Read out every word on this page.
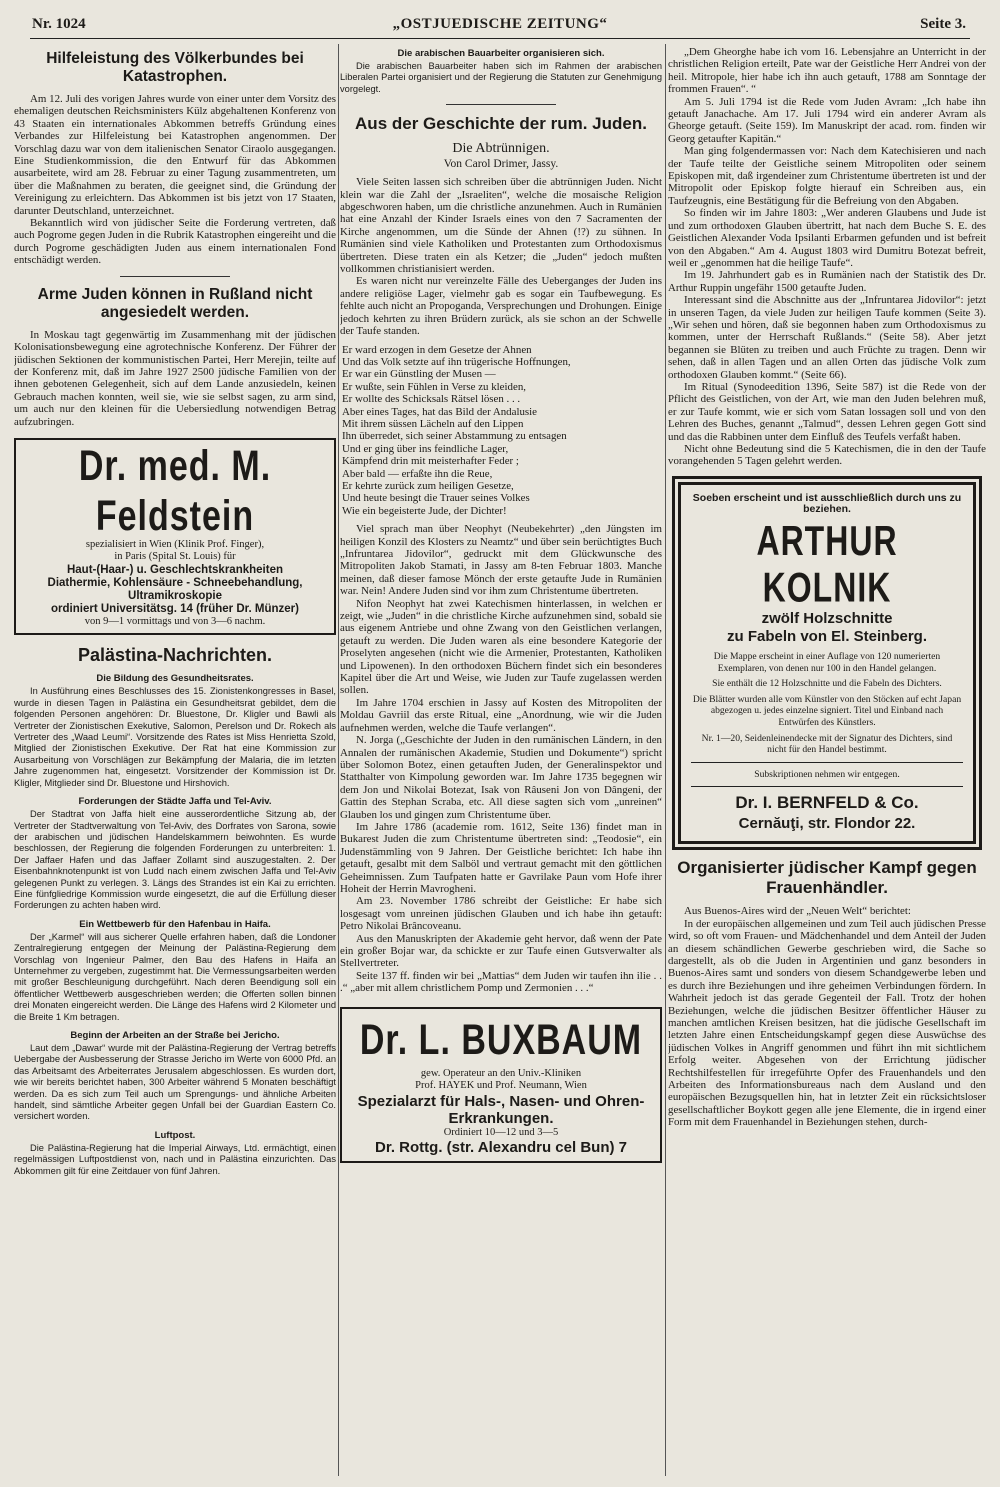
Nr. 1024	„OSTJUEDISCHE ZEITUNG“	Seite 3.
Hilfeleistung des Völkerbundes bei Katastrophen.

Am 12. Juli des vorigen Jahres wurde von einer unter dem Vorsitz des ehemaligen deutschen Reichsministers Külz abgehaltenen Konferenz von 43 Staaten ein internationales Abkommen betreffs Gründung eines Verbandes zur Hilfeleistung bei Katastrophen angenommen. Der Vorschlag dazu war von dem italienischen Senator Ciraolo ausgegangen. Eine Studienkommission, die den Entwurf für das Abkommen ausarbeitete, wird am 28. Februar zu einer Tagung zusammentreten, um über die Maßnahmen zu beraten, die geeignet sind, die Gründung der Vereinigung zu erleichtern. Das Abkommen ist bis jetzt von 17 Staaten, darunter Deutschland, unterzeichnet.

Bekanntlich wird von jüdischer Seite die Forderung vertreten, daß auch Pogrome gegen Juden in die Rubrik Katastrophen eingereiht und die durch Pogrome geschädigten Juden aus einem internationalen Fond entschädigt werden.

Arme Juden können in Rußland nicht angesiedelt werden.

In Moskau tagt gegenwärtig im Zusammenhang mit der jüdischen Kolonisationsbewegung eine agrotechnische Konferenz. Der Führer der jüdischen Sektionen der kommunistischen Partei, Herr Merejin, teilte auf der Konferenz mit, daß im Jahre 1927 2500 jüdische Familien von der ihnen gebotenen Gelegenheit, sich auf dem Lande anzusiedeln, keinen Gebrauch machen konnten, weil sie, wie sie selbst sagen, zu arm sind, um auch nur den kleinen für die Uebersiedlung notwendigen Betrag aufzubringen.

Dr. med. M. Feldstein

spezialisiert in Wien (Klinik Prof. Finger),

in Paris (Spital St. Louis) für

Haut-(Haar-) u. Geschlechtskrankheiten

Diathermie, Kohlensäure - Schneebehandlung, Ultramikroskopie

ordiniert Universitätsg. 14 (früher Dr. Münzer)

von 9—1 vormittags und von 3—6 nachm.

Palästina-Nachrichten.
Die Bildung des Gesundheitsrates.

In Ausführung eines Beschlusses des 15. Zionistenkongresses in Basel, wurde in diesen Tagen in Palästina ein Gesundheitsrat gebildet, dem die folgenden Personen angehören: Dr. Bluestone, Dr. Kligler und Bawli als Vertreter der Zionistischen Exekutive, Salomon, Perelson und Dr. Rokech als Vertreter des „Waad Leumi“. Vorsitzende des Rates ist Miss Henrietta Szold, Mitglied der Zionistischen Exekutive. Der Rat hat eine Kommission zur Ausarbeitung von Vorschlägen zur Bekämpfung der Malaria, die im letzten Jahre zugenommen hat, eingesetzt. Vorsitzender der Kommission ist Dr. Kligler, Mitglieder sind Dr. Bluestone und Hirshovich.

Forderungen der Städte Jaffa und Tel-Aviv.

Der Stadtrat von Jaffa hielt eine ausserordentliche Sitzung ab, der Vertreter der Stadtverwaltung von Tel-Aviv, des Dorfrates von Sarona, sowie der arabischen und jüdischen Handelskammern beiwohnten. Es wurde beschlossen, der Regierung die folgenden Forderungen zu unterbreiten: 1. Der Jaffaer Hafen und das Jaffaer Zollamt sind auszugestalten. 2. Der Eisenbahnknotenpunkt ist von Ludd nach einem zwischen Jaffa und Tel-Aviv gelegenen Punkt zu verlegen. 3. Längs des Strandes ist ein Kai zu errichten. Eine fünfgliedrige Kommission wurde eingesetzt, die auf die Erfüllung dieser Forderungen zu achten haben wird.

Ein Wettbewerb für den Hafenbau in Haifa.

Der „Karmel“ will aus sicherer Quelle erfahren haben, daß die Londoner Zentralregierung entgegen der Meinung der Palästina-Regierung dem Vorschlag von Ingenieur Palmer, den Bau des Hafens in Haifa an Unternehmer zu vergeben, zugestimmt hat. Die Vermessungsarbeiten werden mit großer Beschleunigung durchgeführt. Nach deren Beendigung soll ein öffentlicher Wettbewerb ausgeschrieben werden; die Offerten sollen binnen drei Monaten eingereicht werden. Die Länge des Hafens wird 2 Kilometer und die Breite 1 Km betragen.

Beginn der Arbeiten an der Straße bei Jericho.

Laut dem „Dawar“ wurde mit der Palästina-Regierung der Vertrag betreffs Uebergabe der Ausbesserung der Strasse Jericho im Werte von 6000 Pfd. an das Arbeitsamt des Arbeiterrates Jerusalem abgeschlossen. Es wurden dort, wie wir bereits berichtet haben, 300 Arbeiter während 5 Monaten beschäftigt werden. Da es sich zum Teil auch um Sprengungs- und ähnliche Arbeiten handelt, sind sämtliche Arbeiter gegen Unfall bei der Guardian Eastern Co. versichert worden.

Luftpost.

Die Palästina-Regierung hat die Imperial Airways, Ltd. ermächtigt, einen regelmässigen Luftpostdienst von, nach und in Palästina einzurichten. Das Abkommen gilt für eine Zeitdauer von fünf Jahren.

Die arabischen Bauarbeiter organisieren sich.

Die arabischen Bauarbeiter haben sich im Rahmen der arabischen Liberalen Partei organisiert und der Regierung die Statuten zur Genehmigung vorgelegt.

Aus der Geschichte der rum. Juden.
Die Abtrünnigen.
Von Carol Drimer, Jassy.

Viele Seiten lassen sich schreiben über die abtrünnigen Juden. Nicht klein war die Zahl der „Israeliten“, welche die mosaische Religion abgeschworen haben, um die christliche anzunehmen. Auch in Rumänien hat eine Anzahl der Kinder Israels eines von den 7 Sacramenten der Kirche angenommen, um die Sünde der Ahnen (!?) zu sühnen. In Rumänien sind viele Katholiken und Protestanten zum Orthodoxismus übertreten. Diese traten ein als Ketzer; die „Juden“ jedoch mußten vollkommen christianisiert werden.

Es waren nicht nur vereinzelte Fälle des Ueberganges der Juden ins andere religiöse Lager, vielmehr gab es sogar ein Taufbewegung. Es fehlte auch nicht an Propoganda, Versprechungen und Drohungen. Einige jedoch kehrten zu ihren Brüdern zurück, als sie schon an der Schwelle der Taufe standen.

Er ward erzogen in dem Gesetze der Ahnen
Und das Volk setzte auf ihn trügerische Hoffnungen,
Er war ein Günstling der Musen —
Er wußte, sein Fühlen in Verse zu kleiden,
Er wollte des Schicksals Rätsel lösen . . .
Aber eines Tages, hat das Bild der Andalusie
Mit ihrem süssen Lächeln auf den Lippen
Ihn überredet, sich seiner Abstammung zu entsagen
Und er ging über ins feindliche Lager,
Kämpfend drin mit meisterhafter Feder ;
Aber bald — erfaßte ihn die Reue,
Er kehrte zurück zum heiligen Gesetze,
Und heute besingt die Trauer seines Volkes
Wie ein begeisterte Jude, der Dichter!

Viel sprach man über Neophyt (Neubekehrter) „den Jüngsten im heiligen Konzil des Klosters zu Neamtz“ und über sein berüchtigtes Buch „Infruntarea Jidovilor“, gedruckt mit dem Glückwunsche des Mitropoliten Jakob Stamati, in Jassy am 8-ten Februar 1803. Manche meinen, daß dieser famose Mönch der erste getaufte Jude in Rumänien war. Nein! Andere Juden sind vor ihm zum Christentume übertreten.

Nifon Neophyt hat zwei Katechismen hinterlassen, in welchen er zeigt, wie „Juden“ in die christliche Kirche aufzunehmen sind, sobald sie aus eigenem Antriebe und ohne Zwang von den Geistlichen verlangen, getauft zu werden. Die Juden waren als eine besondere Kategorie der Proselyten angesehen (nicht wie die Armenier, Protestanten, Katholiken und Lipowenen). In den orthodoxen Büchern findet sich ein besonderes Kapitel über die Art und Weise, wie Juden zur Taufe zugelassen werden sollen.

Im Jahre 1704 erschien in Jassy auf Kosten des Mitropoliten der Moldau Gavriil das erste Ritual, eine „Anordnung, wie wir die Juden aufnehmen werden, welche die Taufe verlangen“.

N. Jorga („Geschichte der Juden in den rumänischen Ländern, in den Annalen der rumänischen Akademie, Studien und Dokumente“) spricht über Solomon Botez, einen getauften Juden, der Generalinspektor und Statthalter von Kimpolung geworden war. Im Jahre 1735 begegnen wir dem Jon und Nikolai Botezat, Isak von Râuseni Jon von Dângeni, der Gattin des Stephan Scraba, etc. All diese sagten sich vom „unreinen“ Glauben los und gingen zum Christentume über.

Im Jahre 1786 (academie rom. 1612, Seite 136) findet man in Bukarest Juden die zum Christentume übertreten sind: „Teodosie“, ein Judenstämmling von 9 Jahren. Der Geistliche berichtet: Ich habe ihn getauft, gesalbt mit dem Salböl und vertraut gemacht mit den göttlichen Geheimnissen. Zum Taufpaten hatte er Gavrilake Paun vom Hofe ihrer Hoheit der Herrin Mavrogheni.

Am 23. November 1786 schreibt der Geistliche: Er habe sich losgesagt vom unreinen jüdischen Glauben und ich habe ihn getauft: Petro Nikolai Brâncoveanu.

Aus den Manuskripten der Akademie geht hervor, daß wenn der Pate ein großer Bojar war, da schickte er zur Taufe einen Gutsverwalter als Stellvertreter.

Seite 137 ff. finden wir bei „Mattias“ dem Juden wir taufen ihn ilie . . .“ „aber mit allem christlichem Pomp und Zermonien . . .“

Dr. L. BUXBAUM

gew. Operateur an den Univ.-Kliniken

Prof. HAYEK und Prof. Neumann, Wien

Spezialarzt für Hals-, Nasen- und Ohren-Erkrankungen.

Ordiniert 10—12 und 3—5

Dr. Rottg. (str. Alexandru cel Bun) 7

„Dem Gheorghe habe ich vom 16. Lebensjahre an Unterricht in der christlichen Religion erteilt, Pate war der Geistliche Herr Andrei von der heil. Mitropole, hier habe ich ihn auch getauft, 1788 am Sonntage der frommen Frauen“. “

Am 5. Juli 1794 ist die Rede vom Juden Avram: „Ich habe ihn getauft Janachache. Am 17. Juli 1794 wird ein anderer Avram als Gheorge getauft. (Seite 159). Im Manuskript der acad. rom. finden wir Georg getaufter Kapitän.“

Man ging folgendermassen vor: Nach dem Katechisieren und nach der Taufe teilte der Geistliche seinem Mitropoliten oder seinem Episkopen mit, daß irgendeiner zum Christentume übertreten ist und der Mitropolit oder Episkop folgte hierauf ein Schreiben aus, ein Taufzeugnis, eine Bestätigung für die Befreiung von den Abgaben.

So finden wir im Jahre 1803: „Wer anderen Glaubens und Jude ist und zum orthodoxen Glauben übertritt, hat nach dem Buche S. E. des Geistlichen Alexander Voda Ipsilanti Erbarmen gefunden und ist befreit von den Abgaben.“ Am 4. August 1803 wird Dumitru Botezat befreit, weil er „genommen hat die heilige Taufe“.

Im 19. Jahrhundert gab es in Rumänien nach der Statistik des Dr. Arthur Ruppin ungefähr 1500 getaufte Juden.

Interessant sind die Abschnitte aus der „Infruntarea Jidovilor“: jetzt in unseren Tagen, da viele Juden zur heiligen Taufe kommen (Seite 3). „Wir sehen und hören, daß sie begonnen haben zum Orthodoxismus zu kommen, unter der Herrschaft Rußlands.“ (Seite 58). Aber jetzt begannen sie Blüten zu treiben und auch Früchte zu tragen. Denn wir sehen, daß in allen Tagen und an allen Orten das jüdische Volk zum orthodoxen Glauben kommt.“ (Seite 66).

Im Ritual (Synodeedition 1396, Seite 587) ist die Rede von der Pflicht des Geistlichen, von der Art, wie man den Juden belehren muß, er zur Taufe kommt, wie er sich vom Satan lossagen soll und von den Lehren des Buches, genannt „Talmud“, dessen Lehren gegen Gott sind und das die Rabbinen unter dem Einfluß des Teufels verfaßt haben.

Nicht ohne Bedeutung sind die 5 Katechismen, die in den der Taufe vorangehenden 5 Tagen gelehrt werden.

Soeben erscheint und ist ausschließlich durch uns zu beziehen.

ARTHUR KOLNIK

zwölf Holzschnitte

zu Fabeln von El. Steinberg.

Die Mappe erscheint in einer Auflage von 120 numerierten Exemplaren, von denen nur 100 in den Handel gelangen.

Sie enthält die 12 Holzschnitte und die Fabeln des Dichters.

Die Blätter wurden alle vom Künstler von den Stöcken auf echt Japan abgezogen u. jedes einzelne signiert. Titel und Einband nach Entwürfen des Künstlers.

Nr. 1—20, Seidenleinendecke mit der Signatur des Dichters, sind nicht für den Handel bestimmt.

Subskriptionen nehmen wir entgegen.

Dr. I. BERNFELD & Co.

Cernăuţi, str. Flondor 22.

Organisierter jüdischer Kampf gegen Frauenhändler.

Aus Buenos-Aires wird der „Neuen Welt“ berichtet:

In der europäischen allgemeinen und zum Teil auch jüdischen Presse wird, so oft vom Frauen- und Mädchenhandel und dem Anteil der Juden an diesem schändlichen Gewerbe geschrieben wird, die Sache so dargestellt, als ob die Juden in Argentinien und ganz besonders in Buenos-Aires samt und sonders von diesem Schandgewerbe leben und es durch ihre Beziehungen und ihre geheimen Verbindungen fördern. In Wahrheit jedoch ist das gerade Gegenteil der Fall. Trotz der hohen Beziehungen, welche die jüdischen Besitzer öffentlicher Häuser zu manchen amtlichen Kreisen besitzen, hat die jüdische Gesellschaft im letzten Jahre einen Entscheidungskampf gegen diese Auswüchse des jüdischen Volkes in Angriff genommen und führt ihn mit sichtlichem Erfolg weiter. Abgesehen von der Errichtung jüdischer Rechtshilfestellen für irregeführte Opfer des Frauenhandels und den Arbeiten des Informationsbureaus nach dem Ausland und den europäischen Bezugsquellen hin, hat in letzter Zeit ein rücksichtsloser gesellschaftlicher Boykott gegen alle jene Elemente, die in irgend einer Form mit dem Frauenhandel in Beziehungen stehen, durch-
